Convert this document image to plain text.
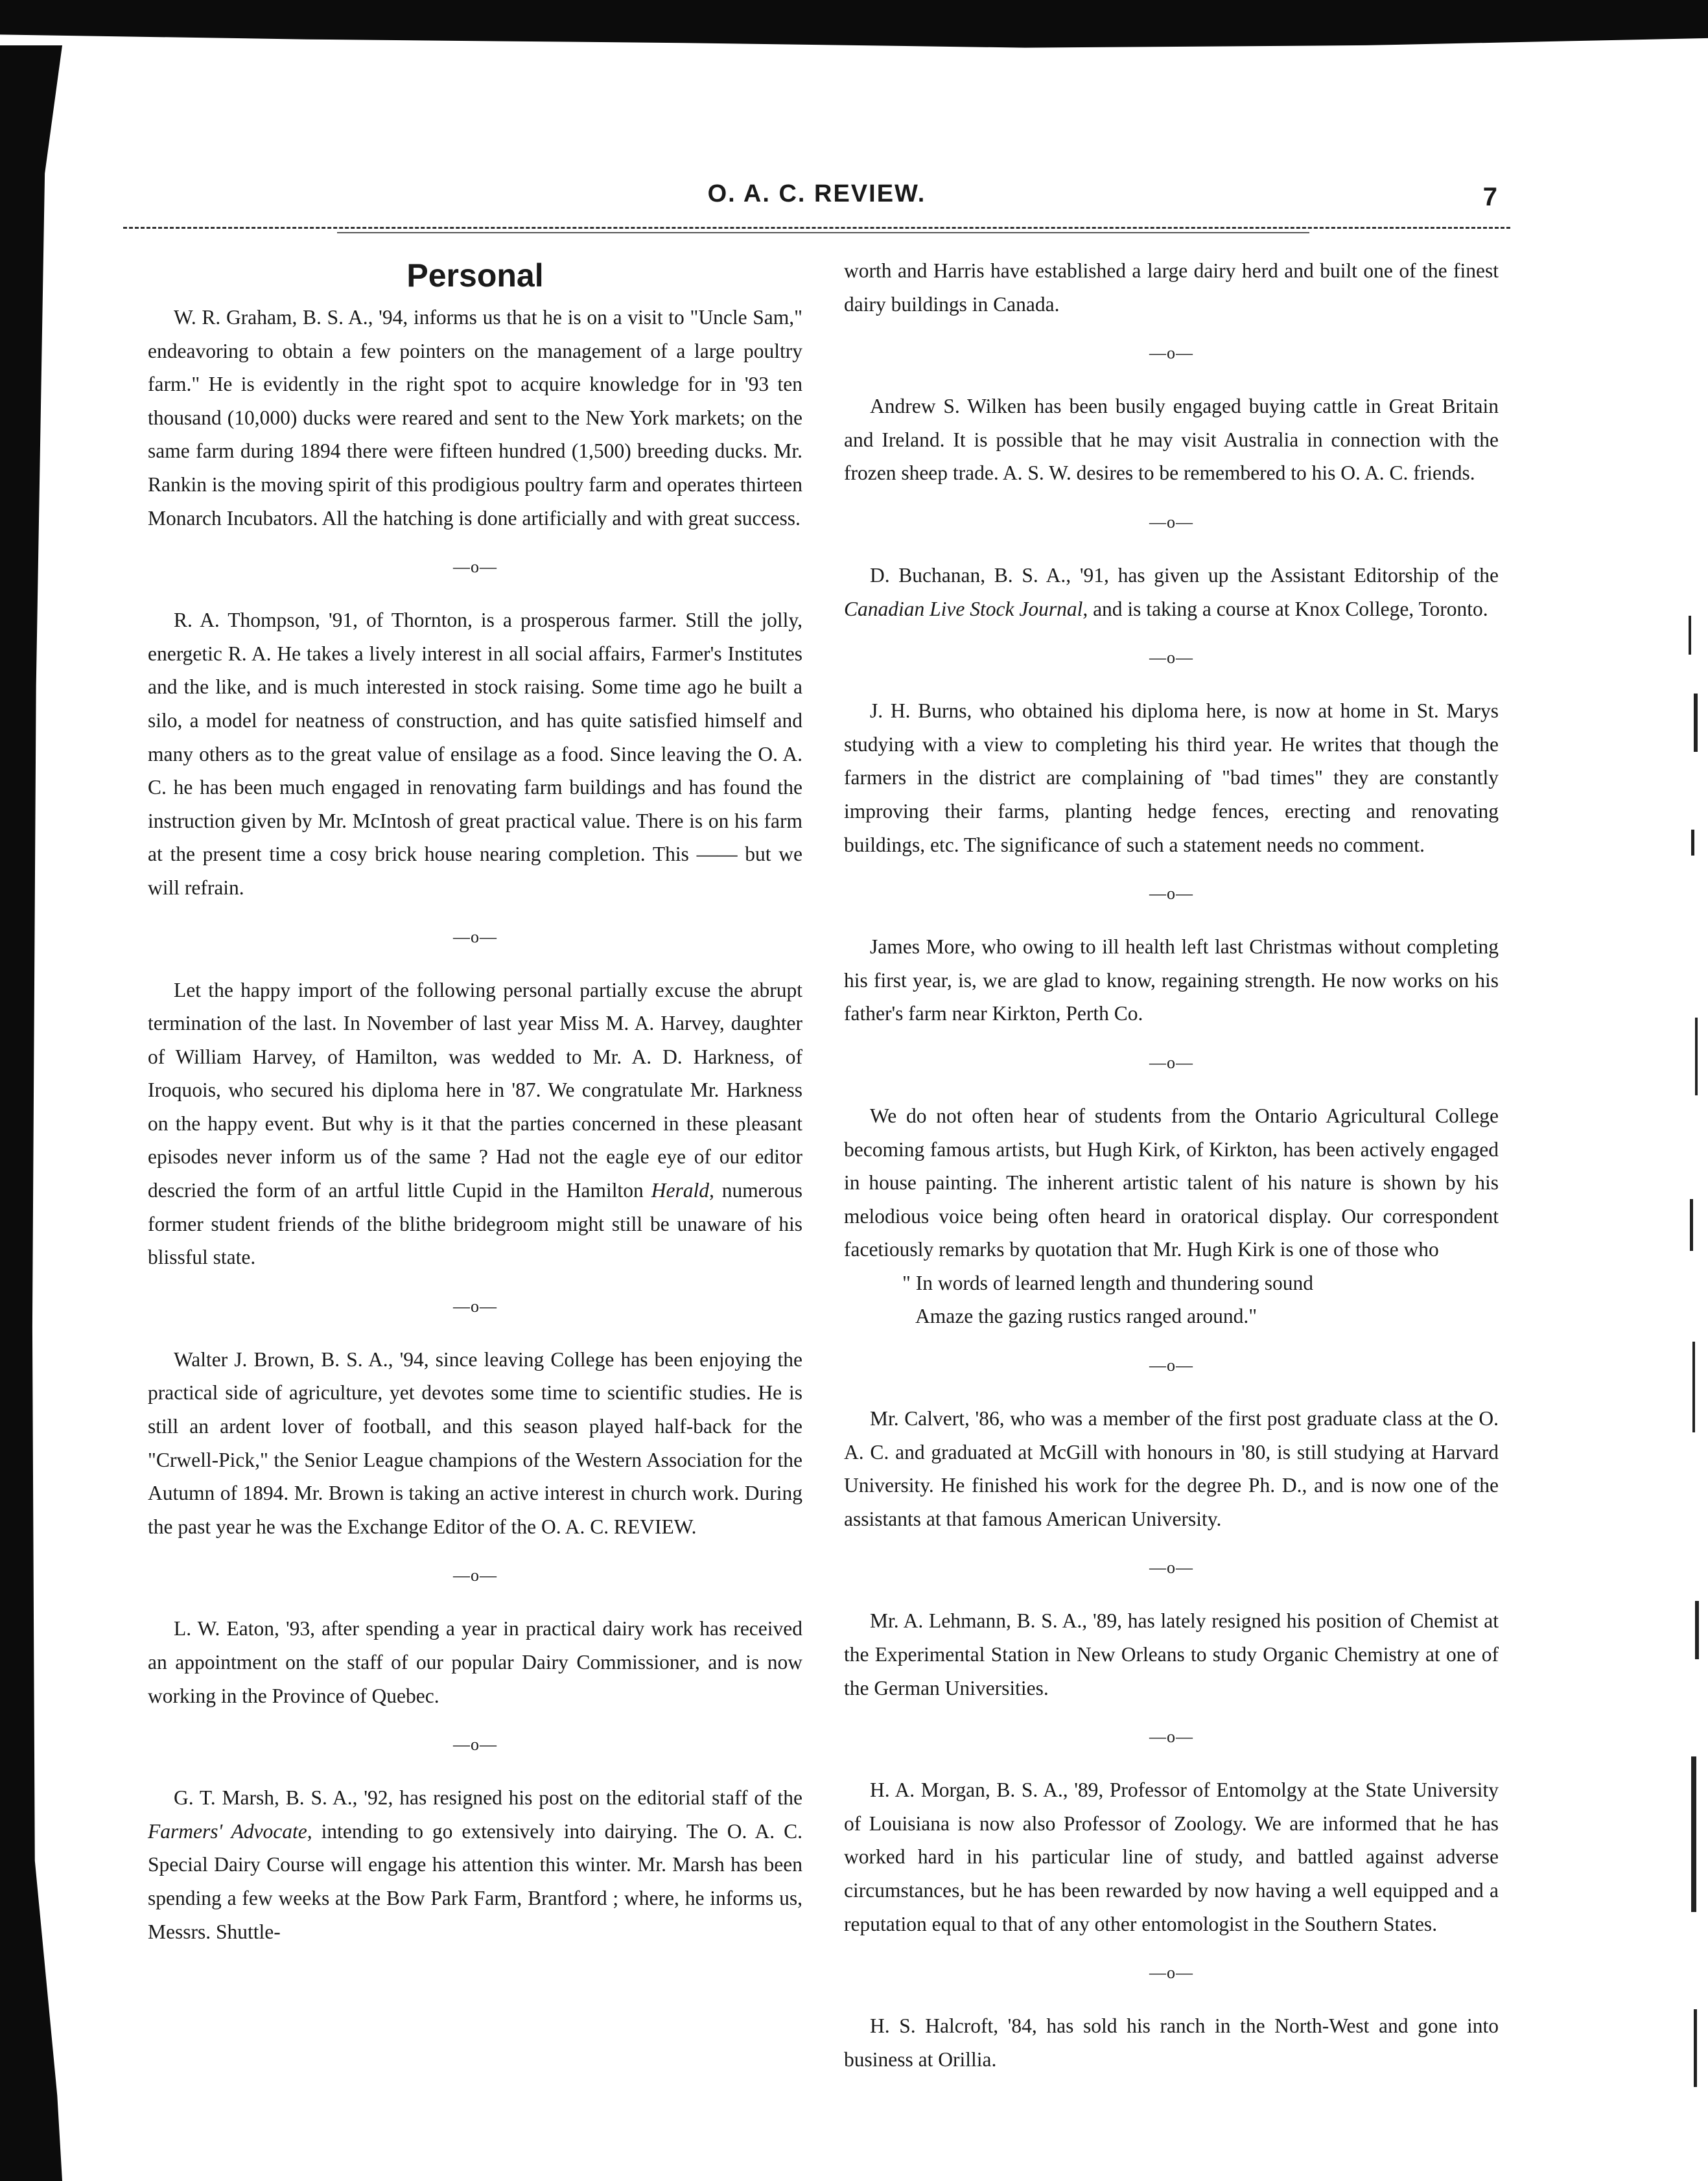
O. A. C. REVIEW.	7
Personal

W. R. Graham, B. S. A., '94, informs us that he is on a visit to "Uncle Sam," endeavoring to obtain a few pointers on the management of a large poultry farm." He is evidently in the right spot to acquire knowledge for in '93 ten thousand (10,000) ducks were reared and sent to the New York markets; on the same farm during 1894 there were fifteen hundred (1,500) breeding ducks. Mr. Rankin is the moving spirit of this prodigious poultry farm and operates thirteen Monarch Incubators. All the hatching is done artificially and with great success.

—o—

R. A. Thompson, '91, of Thornton, is a prosperous farmer. Still the jolly, energetic R. A. He takes a lively interest in all social affairs, Farmer's Institutes and the like, and is much interested in stock raising. Some time ago he built a silo, a model for neatness of construction, and has quite satisfied himself and many others as to the great value of ensilage as a food. Since leaving the O. A. C. he has been much engaged in renovating farm buildings and has found the instruction given by Mr. McIntosh of great practical value. There is on his farm at the present time a cosy brick house nearing completion. This —— but we will refrain.

—o—

Let the happy import of the following personal partially excuse the abrupt termination of the last. In November of last year Miss M. A. Harvey, daughter of William Harvey, of Hamilton, was wedded to Mr. A. D. Harkness, of Iroquois, who secured his diploma here in '87. We congratulate Mr. Harkness on the happy event. But why is it that the parties concerned in these pleasant episodes never inform us of the same ? Had not the eagle eye of our editor descried the form of an artful little Cupid in the Hamilton Herald, numerous former student friends of the blithe bridegroom might still be unaware of his blissful state.

—o—

Walter J. Brown, B. S. A., '94, since leaving College has been enjoying the practical side of agriculture, yet devotes some time to scientific studies. He is still an ardent lover of football, and this season played half-back for the "Crwell-Pick," the Senior League champions of the Western Association for the Autumn of 1894. Mr. Brown is taking an active interest in church work. During the past year he was the Exchange Editor of the O. A. C. REVIEW.

—o—

L. W. Eaton, '93, after spending a year in practical dairy work has received an appointment on the staff of our popular Dairy Commissioner, and is now working in the Province of Quebec.

—o—

G. T. Marsh, B. S. A., '92, has resigned his post on the editorial staff of the Farmers' Advocate, intending to go extensively into dairying. The O. A. C. Special Dairy Course will engage his attention this winter. Mr. Marsh has been spending a few weeks at the Bow Park Farm, Brantford ; where, he informs us, Messrs. Shuttle-

worth and Harris have established a large dairy herd and built one of the finest dairy buildings in Canada.

—o—

Andrew S. Wilken has been busily engaged buying cattle in Great Britain and Ireland. It is possible that he may visit Australia in connection with the frozen sheep trade. A. S. W. desires to be remembered to his O. A. C. friends.

—o—

D. Buchanan, B. S. A., '91, has given up the Assistant Editorship of the Canadian Live Stock Journal, and is taking a course at Knox College, Toronto.

—o—

J. H. Burns, who obtained his diploma here, is now at home in St. Marys studying with a view to completing his third year. He writes that though the farmers in the district are complaining of "bad times" they are constantly improving their farms, planting hedge fences, erecting and renovating buildings, etc. The significance of such a statement needs no comment.

—o—

James More, who owing to ill health left last Christmas without completing his first year, is, we are glad to know, regaining strength. He now works on his father's farm near Kirkton, Perth Co.

—o—

We do not often hear of students from the Ontario Agricultural College becoming famous artists, but Hugh Kirk, of Kirkton, has been actively engaged in house painting. The inherent artistic talent of his nature is shown by his melodious voice being often heard in oratorical display. Our correspondent facetiously remarks by quotation that Mr. Hugh Kirk is one of those who

" In words of learned length and thundering sound

Amaze the gazing rustics ranged around."

—o—

Mr. Calvert, '86, who was a member of the first post graduate class at the O. A. C. and graduated at McGill with honours in '80, is still studying at Harvard University. He finished his work for the degree Ph. D., and is now one of the assistants at that famous American University.

—o—

Mr. A. Lehmann, B. S. A., '89, has lately resigned his position of Chemist at the Experimental Station in New Orleans to study Organic Chemistry at one of the German Universities.

—o—

H. A. Morgan, B. S. A., '89, Professor of Entomolgy at the State University of Louisiana is now also Professor of Zoology. We are informed that he has worked hard in his particular line of study, and battled against adverse circumstances, but he has been rewarded by now having a well equipped and a reputation equal to that of any other entomologist in the Southern States.

—o—

H. S. Halcroft, '84, has sold his ranch in the North-West and gone into business at Orillia.
